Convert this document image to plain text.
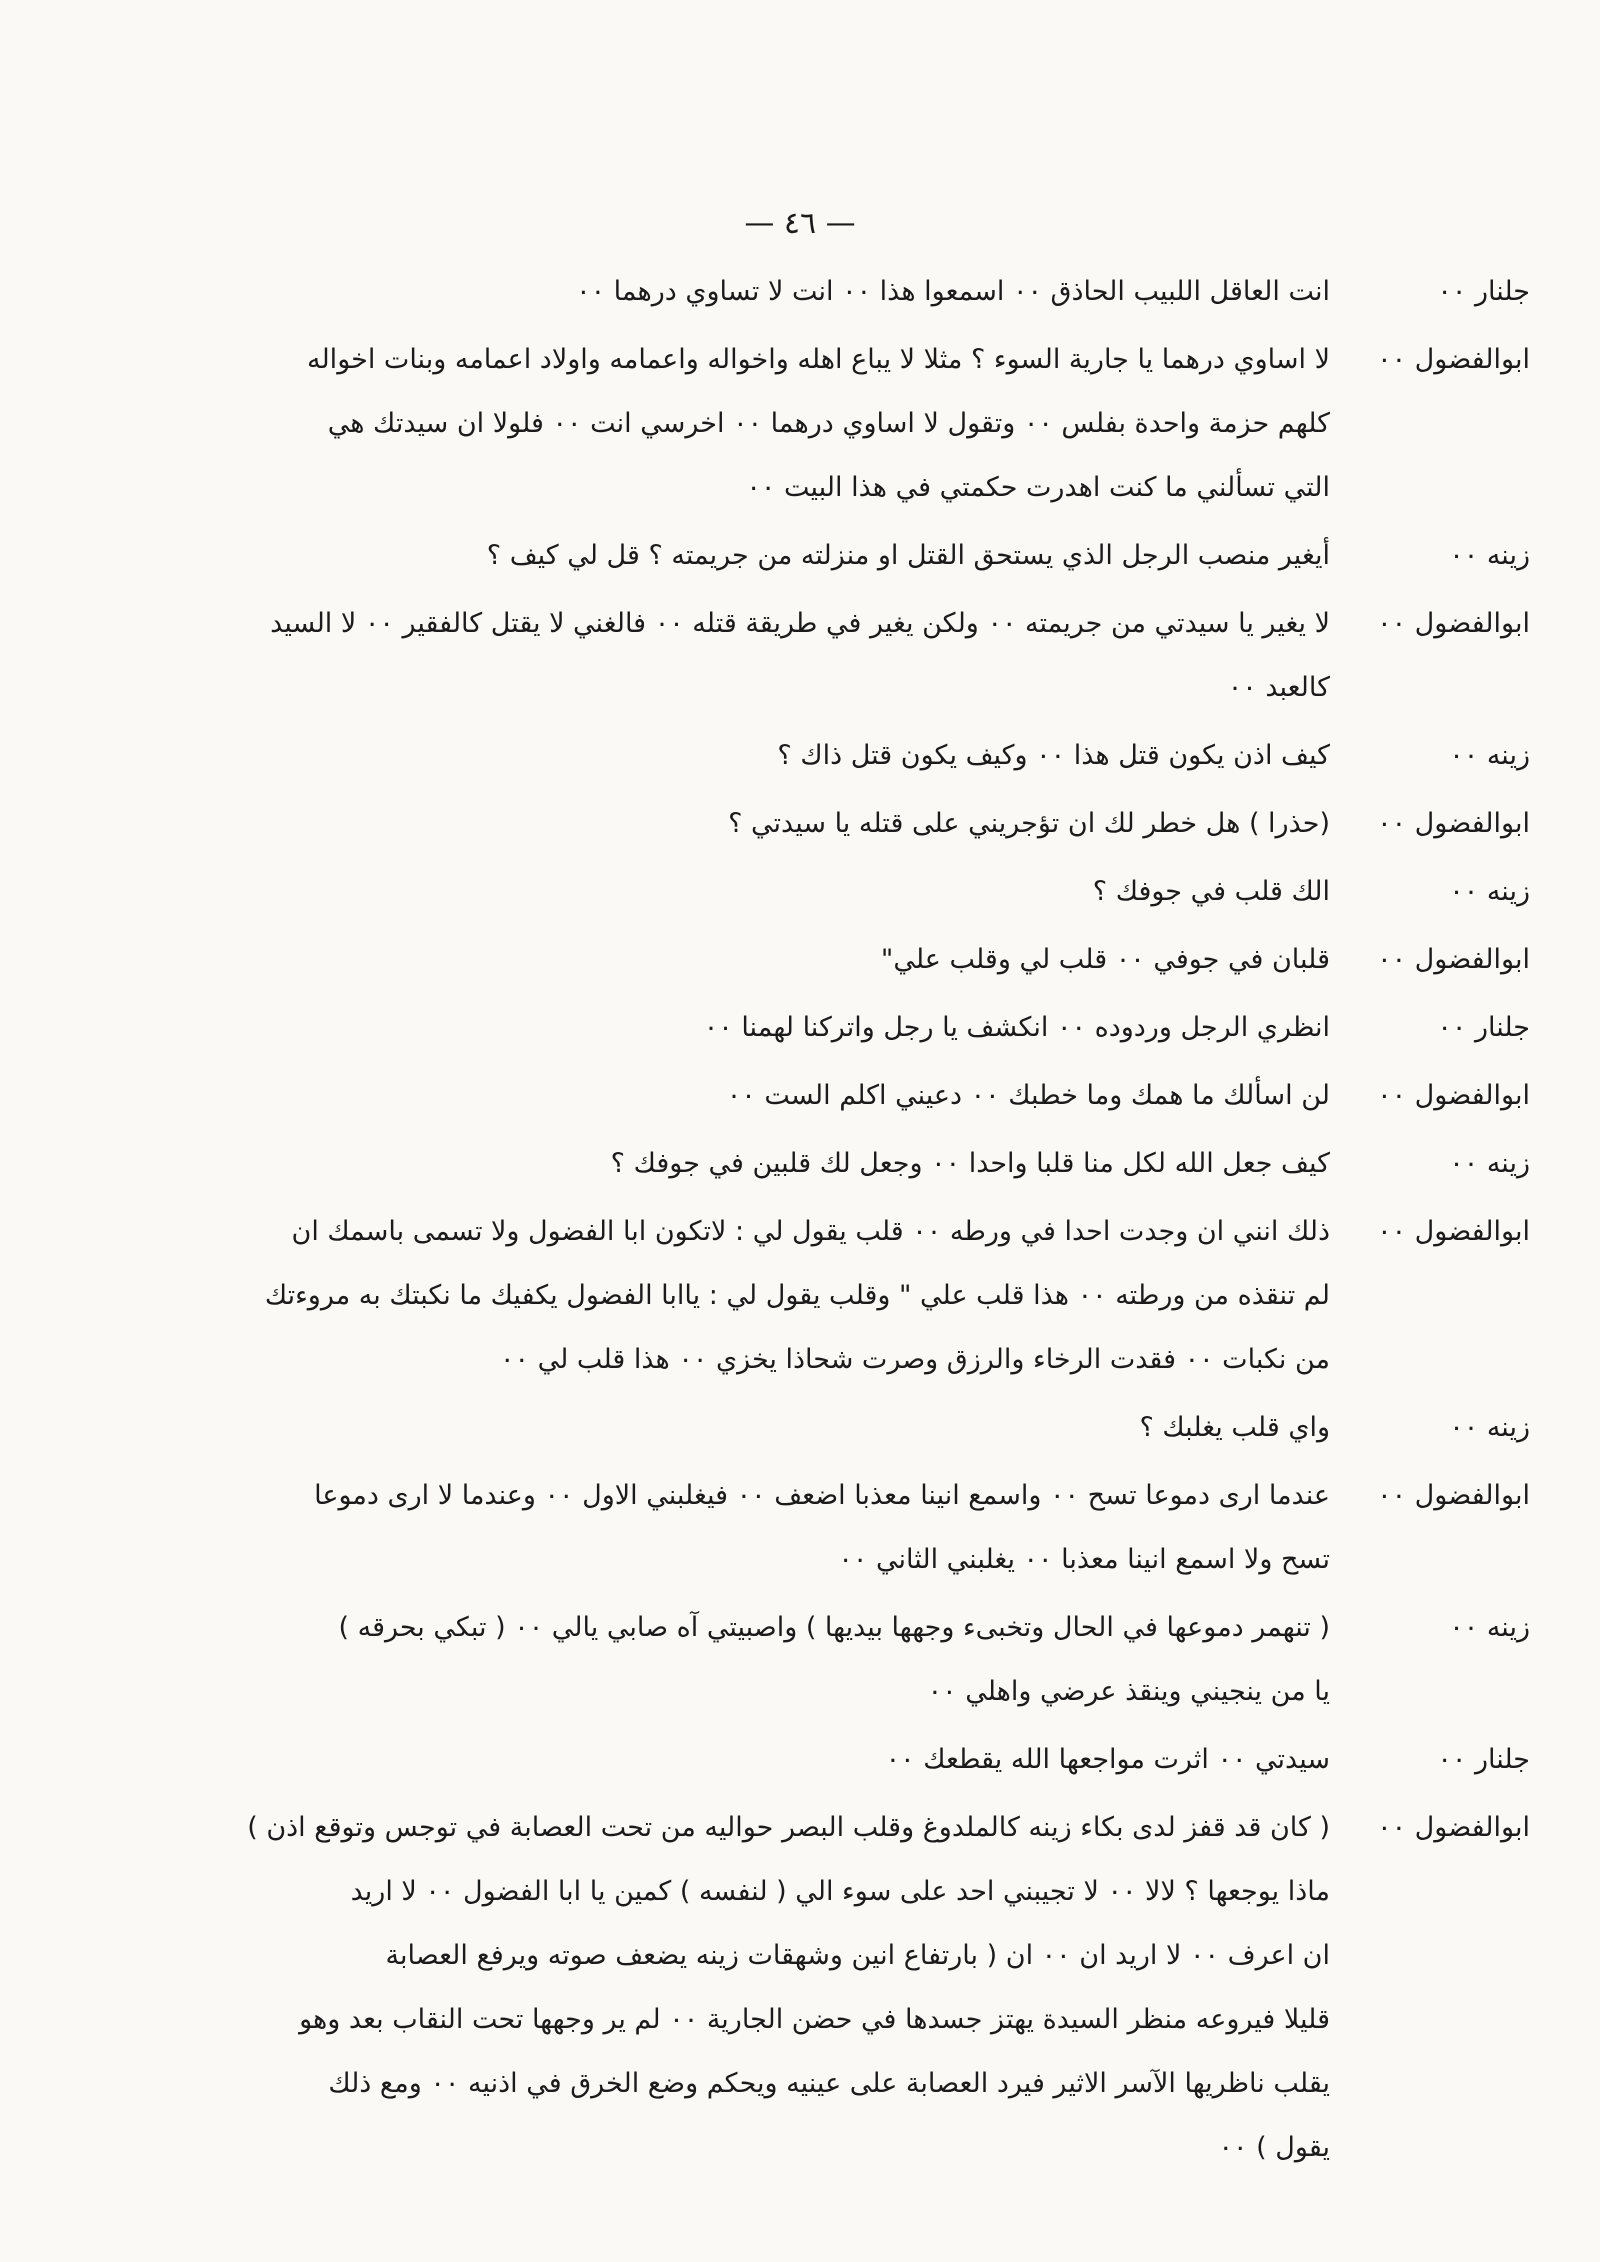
— ٤٦ —
جلنار ٠٠
انت العاقل اللبيب الحاذق ٠٠ اسمعوا هذا ٠٠ انت لا تساوي درهما ٠٠
ابوالفضول ٠٠
لا اساوي درهما يا جارية السوء ؟ مثلا لا يباع اهله واخواله واعمامه واولاد اعمامه وبنات اخواله
كلهم حزمة واحدة بفلس ٠٠ وتقول لا اساوي درهما ٠٠ اخرسي انت ٠٠ فلولا ان سيدتك هي
التي تسألني ما كنت اهدرت حكمتي في هذا البيت ٠٠
زينه ٠٠
أيغير منصب الرجل الذي يستحق القتل او منزلته من جريمته ؟ قل لي كيف ؟
ابوالفضول ٠٠
لا يغير يا سيدتي من جريمته ٠٠ ولكن يغير في طريقة قتله ٠٠ فالغني لا يقتل كالفقير ٠٠ لا السيد
كالعبد ٠٠
زينه ٠٠
كيف اذن يكون قتل هذا ٠٠ وكيف يكون قتل ذاك ؟
ابوالفضول ٠٠
(حذرا ) هل خطر لك ان تؤجريني على قتله يا سيدتي ؟
زينه ٠٠
الك قلب في جوفك ؟
ابوالفضول ٠٠
قلبان في جوفي ٠٠ قلب لي وقلب علي"
جلنار ٠٠
انظري الرجل وردوده ٠٠ انكشف يا رجل واتركنا لهمنا ٠٠
ابوالفضول ٠٠
لن اسألك ما همك وما خطبك ٠٠ دعيني اكلم الست ٠٠
زينه ٠٠
كيف جعل الله لكل منا قلبا واحدا ٠٠ وجعل لك قلبين في جوفك ؟
ابوالفضول ٠٠
ذلك انني ان وجدت احدا في ورطه ٠٠ قلب يقول لي : لاتكون ابا الفضول ولا تسمى باسمك ان
لم تنقذه من ورطته ٠٠ هذا قلب علي " وقلب يقول لي : ياابا الفضول يكفيك ما نكبتك به مروءتك
من نكبات ٠٠ فقدت الرخاء والرزق وصرت شحاذا يخزي ٠٠ هذا قلب لي ٠٠
زينه ٠٠
واي قلب يغلبك ؟
ابوالفضول ٠٠
عندما ارى دموعا تسح ٠٠ واسمع انينا معذبا اضعف ٠٠ فيغلبني الاول ٠٠ وعندما لا ارى دموعا
تسح ولا اسمع انينا معذبا ٠٠ يغلبني الثاني ٠٠
زينه ٠٠
( تنهمر دموعها في الحال وتخبىء وجهها بيديها ) واصبيتي آه صابي يالي ٠٠ ( تبكي بحرقه )
يا من ينجيني وينقذ عرضي واهلي ٠٠
جلنار ٠٠
سيدتي ٠٠ اثرت مواجعها الله يقطعك ٠٠
ابوالفضول ٠٠
( كان قد قفز لدى بكاء زينه كالملدوغ وقلب البصر حواليه من تحت العصابة في توجس وتوقع اذن )
ماذا يوجعها ؟ لالا ٠٠ لا تجيبني احد على سوء الي ( لنفسه ) كمين يا ابا الفضول ٠٠ لا اريد
ان اعرف ٠٠ لا اريد ان ٠٠ ان ( بارتفاع انين وشهقات زينه يضعف صوته ويرفع العصابة
قليلا فيروعه منظر السيدة يهتز جسدها في حضن الجارية ٠٠ لم ير وجهها تحت النقاب بعد وهو
يقلب ناظريها الآسر الاثير فيرد العصابة على عينيه ويحكم وضع الخرق في اذنيه ٠٠ ومع ذلك
يقول ) ٠٠
